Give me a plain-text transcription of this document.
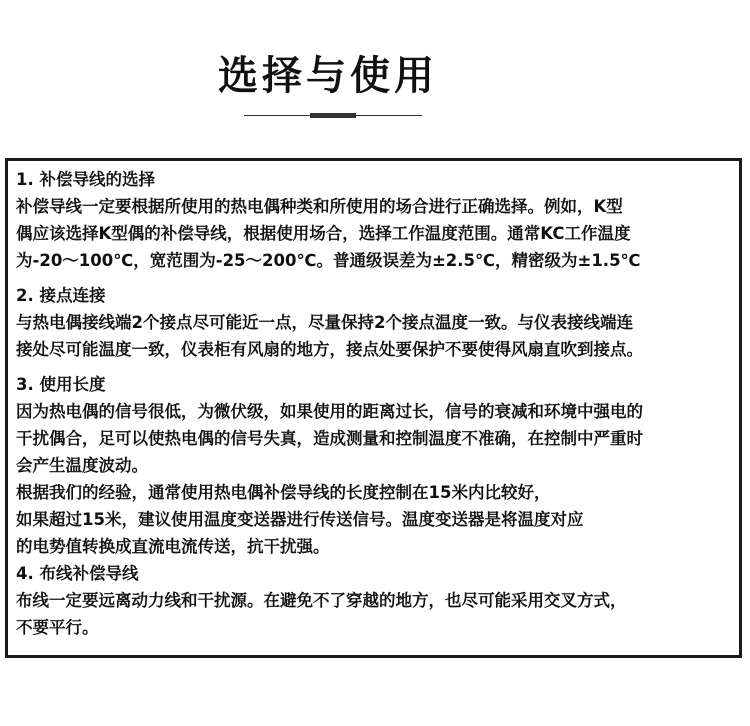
选择与使用
1. 补偿导线的选择
补偿导线一定要根据所使用的热电偶种类和所使用的场合进行正确选择。例如，K型
偶应该选择K型偶的补偿导线，根据使用场合，选择工作温度范围。通常KC工作温度
为-20～100℃，宽范围为-25～200℃。普通级误差为±2.5℃，精密级为±1.5℃
2. 接点连接
与热电偶接线端2个接点尽可能近一点，尽量保持2个接点温度一致。与仪表接线端连
接处尽可能温度一致，仪表柜有风扇的地方，接点处要保护不要使得风扇直吹到接点。
3. 使用长度
因为热电偶的信号很低，为微伏级，如果使用的距离过长，信号的衰减和环境中强电的
干扰偶合，足可以使热电偶的信号失真，造成测量和控制温度不准确，在控制中严重时
会产生温度波动。
根据我们的经验，通常使用热电偶补偿导线的长度控制在15米内比较好，
如果超过15米，建议使用温度变送器进行传送信号。温度变送器是将温度对应
的电势值转换成直流电流传送，抗干扰强。
4. 布线补偿导线
布线一定要远离动力线和干扰源。在避免不了穿越的地方，也尽可能采用交叉方式，
不要平行。
